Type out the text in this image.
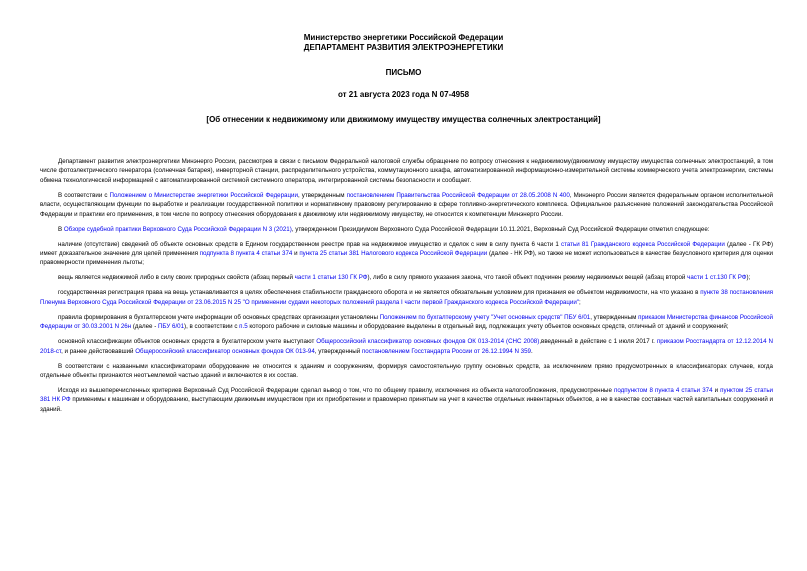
Министерство энергетики Российской Федерации
ДЕПАРТАМЕНТ РАЗВИТИЯ ЭЛЕКТРОЭНЕРГЕТИКИ
ПИСЬМО
от 21 августа 2023 года N 07-4958
[Об отнесении к недвижимому или движимому имуществу имущества солнечных электростанций]

Департамент развития электроэнергетики Минэнерго России, рассмотрев в связи с письмом Федеральной налоговой службы обращение по вопросу отнесения к недвижимому/движимому имуществу имущества солнечных электростанций, в том числе фотоэлектрического генератора (солнечная батарея), инверторной станции, распределительного устройства, коммутационного шкафа, автоматизированной информационно-измерительной системы коммерческого учета электроэнергии, системы обмена технологической информацией с автоматизированной системой системного оператора, интегрированной системы безопасности и сообщает.

В соответствии с Положением о Министерстве энергетики Российской Федерации, утвержденным постановлением Правительства Российской Федерации от 28.05.2008 N 400, Минэнерго России является федеральным органом исполнительной власти, осуществляющим функции по выработке и реализации государственной политики и нормативному правовому регулированию в сфере топливно-энергетического комплекса. Официальное разъяснение положений законодательства Российской Федерации и практики его применения, в том числе по вопросу отнесения оборудования к движимому или недвижимому имуществу, не относится к компетенции Минэнерго России.

В Обзоре судебной практики Верховного Суда Российской Федерации N 3 (2021), утвержденном Президиумом Верховного Суда Российской Федерации 10.11.2021, Верховный Суд Российской Федерации отметил следующее:

наличие (отсутствие) сведений об объекте основных средств в Едином государственном реестре прав на недвижимое имущество и сделок с ним в силу пункта 6 части 1 статьи 81 Гражданского кодекса Российской Федерации (далее - ГК РФ) имеет доказательное значение для целей применения подпункта 8 пункта 4 статьи 374 и пункта 25 статьи 381 Налогового кодекса Российской Федерации (далее - НК РФ), но также не может использоваться в качестве безусловного критерия для оценки правомерности применения льготы;

вещь является недвижимой либо в силу своих природных свойств (абзац первый части 1 статьи 130 ГК РФ), либо в силу прямого указания закона, что такой объект подчинен режиму недвижимых вещей (абзац второй части 1 ст.130 ГК РФ);

государственная регистрация права на вещь устанавливается в целях обеспечения стабильности гражданского оборота и не является обязательным условием для признания ее объектом недвижимости, на что указано в пункте 38 постановления Пленума Верховного Суда Российской Федерации от 23.06.2015 N 25 "О применении судами некоторых положений раздела I части первой Гражданского кодекса Российской Федерации";

правила формирования в бухгалтерском учете информации об основных средствах организации установлены Положением по бухгалтерскому учету "Учет основных средств" ПБУ 6/01, утвержденным приказом Министерства финансов Российской Федерации от 30.03.2001 N 26н (далее - ПБУ 6/01), в соответствии с п.5 которого рабочие и силовые машины и оборудование выделены в отдельный вид, подлежащих учету объектов основных средств, отличный от зданий и сооружений;

основной классификации объектов основных средств в бухгалтерском учете выступают Общероссийский классификатор основных фондов ОК 013-2014 (СНС 2008),введенный в действие с 1 июля 2017 г. приказом Росстандарта от 12.12.2014 N 2018-ст, и ранее действовавший Общероссийский классификатор основных фондов ОК 013-94, утвержденный постановлением Госстандарта России от 26.12.1994 N 359.

В соответствии с названными классификаторами оборудование не относится к зданиям и сооружениям, формируя самостоятельную группу основных средств, за исключением прямо предусмотренных в классификаторах случаев, когда отдельные объекты признаются неотъемлемой частью зданий и включаются в их состав.

Исходя из вышеперечисленных критериев Верховный Суд Российской Федерации сделал вывод о том, что по общему правилу, исключения из объекта налогообложения, предусмотренные подпунктом 8 пункта 4 статьи 374 и пунктом 25 статьи 381 НК РФ применимы к машинам и оборудованию, выступающим движимым имуществом при их приобретении и правомерно принятым на учет в качестве отдельных инвентарных объектов, а не в качестве составных частей капитальных сооружений и зданий.
